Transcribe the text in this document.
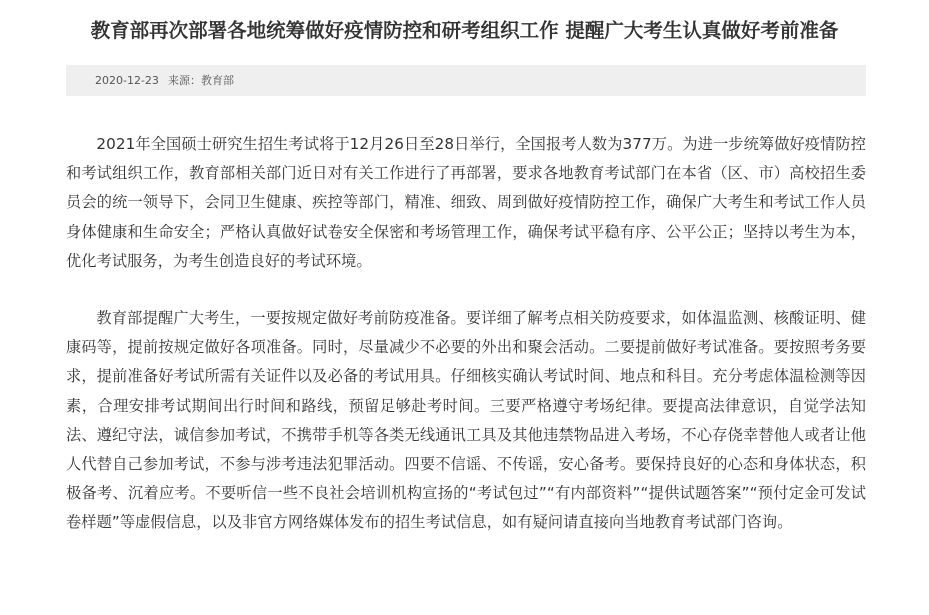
教育部再次部署各地统筹做好疫情防控和研考组织工作 提醒广大考生认真做好考前准备
2020-12-23 来源：教育部

2021年全国硕士研究生招生考试将于12月26日至28日举行，全国报考人数为377万。为进一步统筹做好疫情防控和考试组织工作，教育部相关部门近日对有关工作进行了再部署，要求各地教育考试部门在本省（区、市）高校招生委员会的统一领导下，会同卫生健康、疾控等部门，精准、细致、周到做好疫情防控工作，确保广大考生和考试工作人员身体健康和生命安全；严格认真做好试卷安全保密和考场管理工作，确保考试平稳有序、公平公正；坚持以考生为本，优化考试服务，为考生创造良好的考试环境。

教育部提醒广大考生，一要按规定做好考前防疫准备。要详细了解考点相关防疫要求，如体温监测、核酸证明、健康码等，提前按规定做好各项准备。同时，尽量减少不必要的外出和聚会活动。二要提前做好考试准备。要按照考务要求，提前准备好考试所需有关证件以及必备的考试用具。仔细核实确认考试时间、地点和科目。充分考虑体温检测等因素，合理安排考试期间出行时间和路线，预留足够赴考时间。三要严格遵守考场纪律。要提高法律意识，自觉学法知法、遵纪守法，诚信参加考试，不携带手机等各类无线通讯工具及其他违禁物品进入考场，不心存侥幸替他人或者让他人代替自己参加考试，不参与涉考违法犯罪活动。四要不信谣、不传谣，安心备考。要保持良好的心态和身体状态，积极备考、沉着应考。不要听信一些不良社会培训机构宣扬的“考试包过”“有内部资料”“提供试题答案”“预付定金可发试卷样题”等虚假信息，以及非官方网络媒体发布的招生考试信息，如有疑问请直接向当地教育考试部门咨询。
